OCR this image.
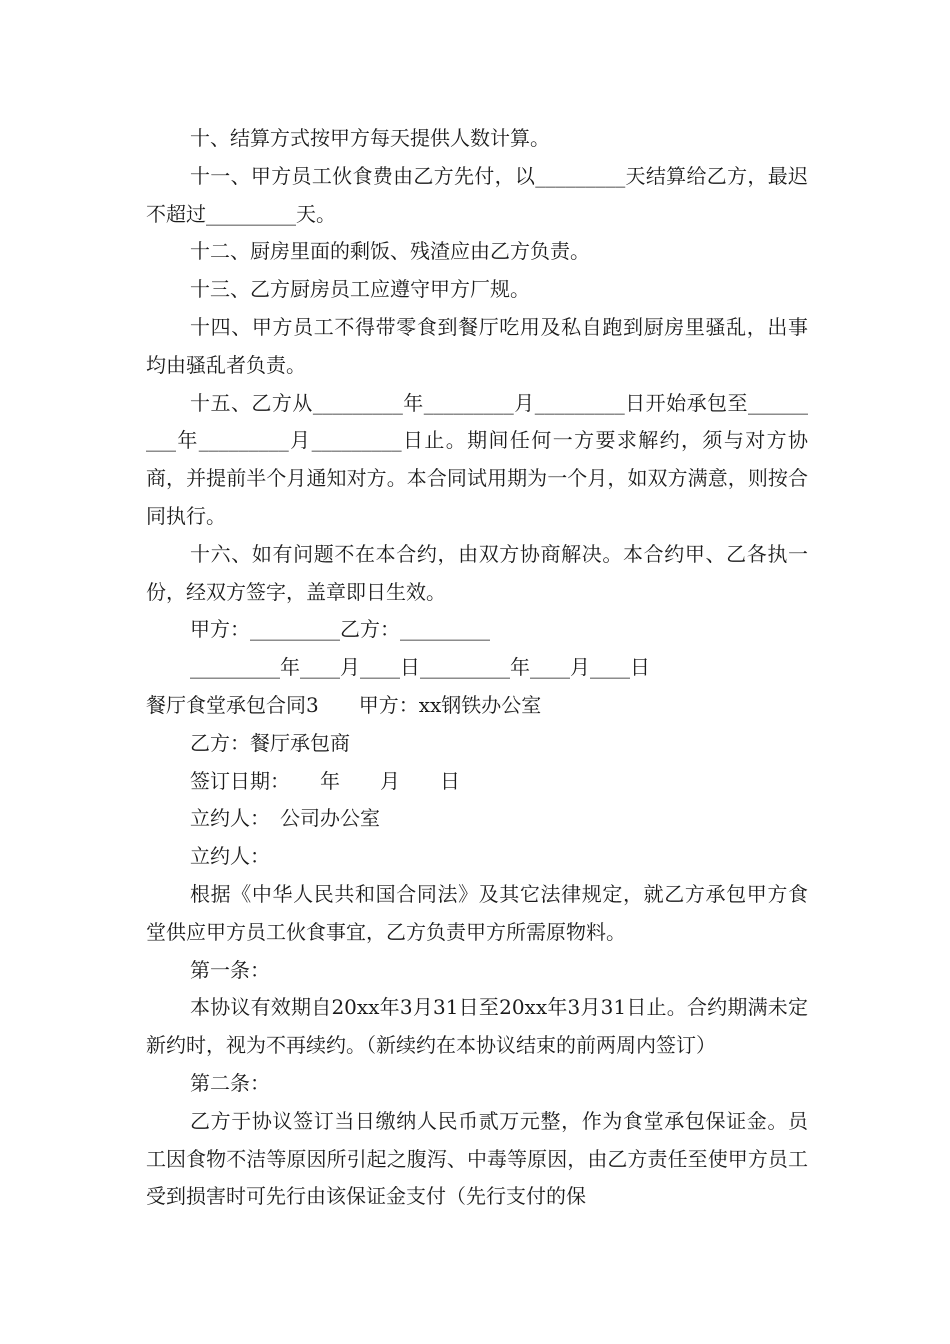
十、结算方式按甲方每天提供人数计算。

十一、甲方员工伙食费由乙方先付，以_________天结算给乙方，最迟不超过_________天。

十二、厨房里面的剩饭、残渣应由乙方负责。

十三、乙方厨房员工应遵守甲方厂规。

十四、甲方员工不得带零食到餐厅吃用及私自跑到厨房里骚乱，出事均由骚乱者负责。

十五、乙方从_________年_________月_________日开始承包至_________年_________月_________日止。期间任何一方要求解约，须与对方协商，并提前半个月通知对方。本合同试用期为一个月，如双方满意，则按合同执行。

十六、如有问题不在本合约，由双方协商解决。本合约甲、乙各执一份，经双方签字，盖章即日生效。

甲方：_________乙方：_________

_________年____月____日_________年____月____日

餐厅食堂承包合同3　　甲方：xx钢铁办公室

乙方：餐厅承包商

签订日期：　　年　　月　　日

立约人：　公司办公室

立约人：

根据《中华人民共和国合同法》及其它法律规定，就乙方承包甲方食堂供应甲方员工伙食事宜，乙方负责甲方所需原物料。

第一条：

本协议有效期自20xx年3月31日至20xx年3月31日止。合约期满未定新约时，视为不再续约。（新续约在本协议结束的前两周内签订）

第二条：

乙方于协议签订当日缴纳人民币贰万元整，作为食堂承包保证金。员工因食物不洁等原因所引起之腹泻、中毒等原因，由乙方责任至使甲方员工受到损害时可先行由该保证金支付（先行支付的保
